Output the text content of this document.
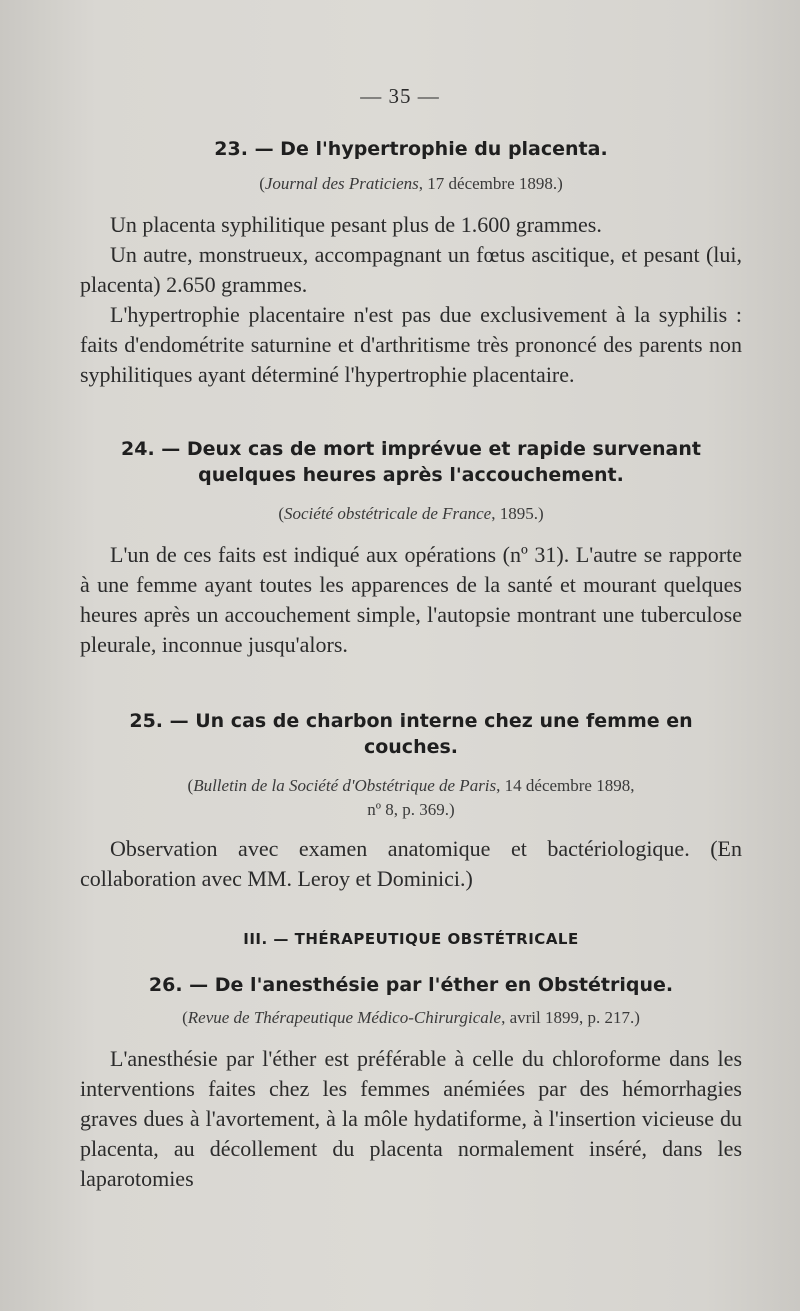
— 35 —
23. — De l'hypertrophie du placenta.
(Journal des Praticiens, 17 décembre 1898.)

Un placenta syphilitique pesant plus de 1.600 grammes.

Un autre, monstrueux, accompagnant un fœtus ascitique, et pesant (lui, placenta) 2.650 grammes.

L'hypertrophie placentaire n'est pas due exclusivement à la syphilis : faits d'endométrite saturnine et d'arthritisme très prononcé des parents non syphilitiques ayant déterminé l'hypertrophie placentaire.

24. — Deux cas de mort imprévue et rapide survenant
quelques heures après l'accouchement.
(Société obstétricale de France, 1895.)

L'un de ces faits est indiqué aux opérations (nº 31). L'autre se rapporte à une femme ayant toutes les apparences de la santé et mourant quelques heures après un accouchement simple, l'autopsie montrant une tuberculose pleurale, inconnue jusqu'alors.

25. — Un cas de charbon interne chez une femme en
couches.
(Bulletin de la Société d'Obstétrique de Paris, 14 décembre 1898,
nº 8, p. 369.)

Observation avec examen anatomique et bactériologique. (En collaboration avec MM. Leroy et Dominici.)

III. — THÉRAPEUTIQUE OBSTÉTRICALE
26. — De l'anesthésie par l'éther en Obstétrique.
(Revue de Thérapeutique Médico-Chirurgicale, avril 1899, p. 217.)

L'anesthésie par l'éther est préférable à celle du chloroforme dans les interventions faites chez les femmes anémiées par des hémorrhagies graves dues à l'avortement, à la môle hydatiforme, à l'insertion vicieuse du placenta, au décollement du placenta normalement inséré, dans les laparotomies
